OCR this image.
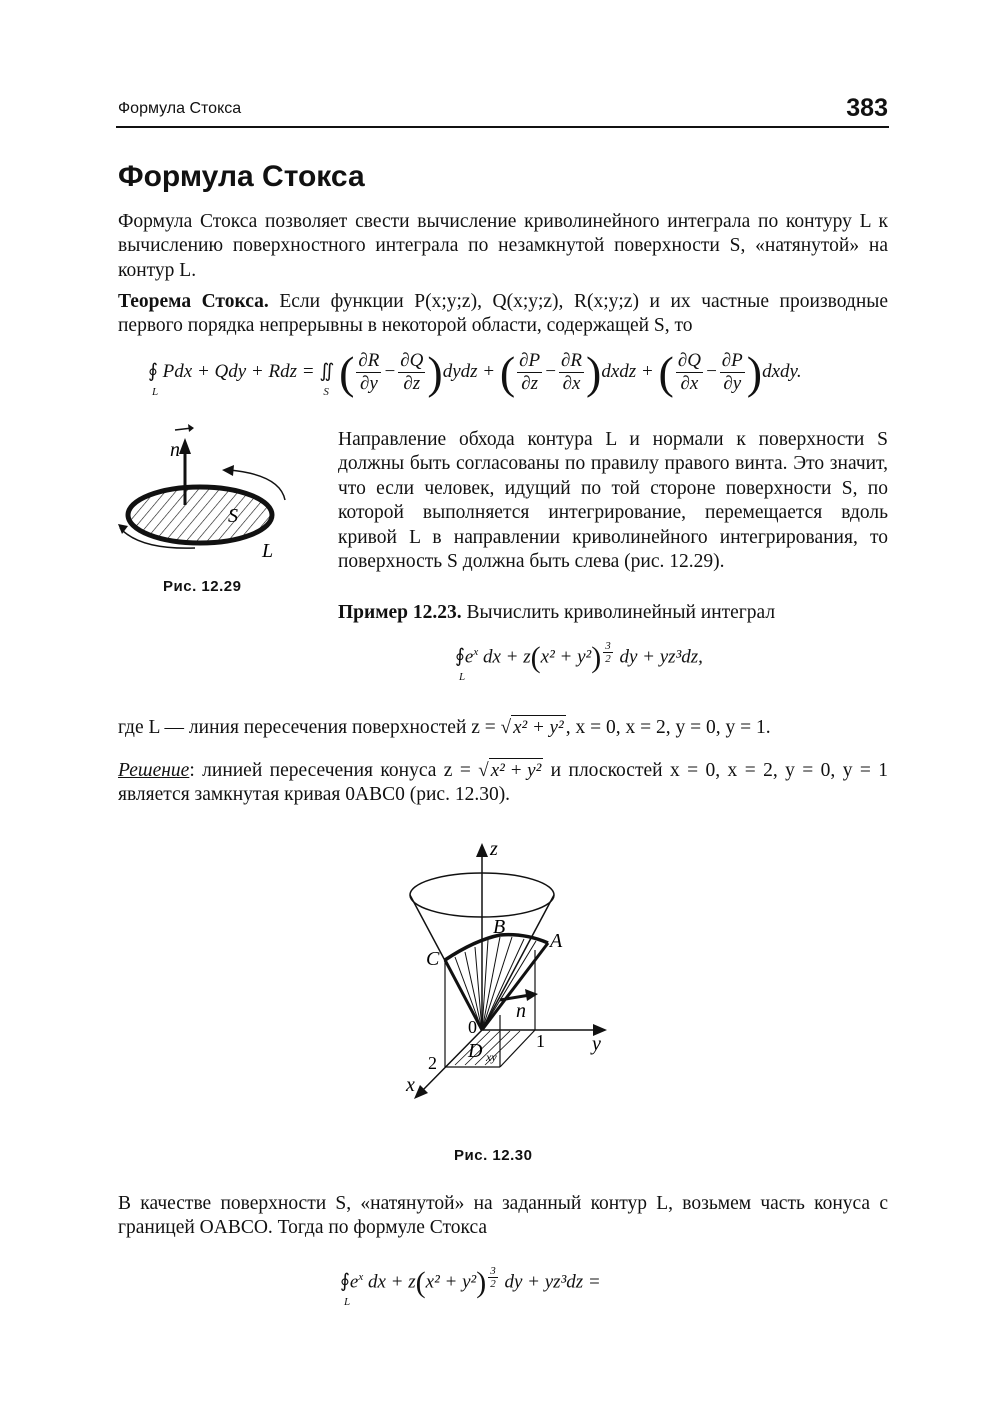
Формула Стокса	383
Формула Стокса
Формула Стокса позволяет свести вычисление криволинейного интеграла по контуру L к вычислению поверхностного интеграла по незамкнутой поверхности S, «натянутой» на контур L.
Теорема Стокса. Если функции P(x;y;z), Q(x;y;z), R(x;y;z) и их частные производные первого порядка непрерывны в некоторой области, содержащей S, то
∮
L
Pdx + Qdy + Rdz = ∬
S ( $\frac{\partial R}{\partial y} - \frac{\partial Q}{\partial z}$ )dydz + ( $\frac{\partial P}{\partial z} - \frac{\partial R}{\partial x}$ )dxdz + ( $\frac{\partial Q}{\partial x} - \frac{\partial P}{\partial y}$ )dxdy.
n
S
L
Рис. 12.29
Направление обхода контура L и нормали к поверхности S должны быть согласованы по правилу правого винта. Это значит, что если человек, идущий по той стороне поверхности S, по которой выполняется интегрирование, перемещается вдоль кривой L в направлении криволинейного интегрирования, то поверхность S должна быть слева (рис. 12.29).
Пример 12.23. Вычислить криволинейный интеграл
∮
L
$e^x$ dx + z(x² + y²) $^{\frac{3}{2}}$ dy + yz³dz,
где L — линия пересечения поверхностей z = √ x² + y² , x = 0, x = 2, y = 0, y = 1.
Решение: линией пересечения конуса z = √ x² + y² и плоскостей x = 0, x = 2, y = 0, y = 1 является замкнутая кривая 0ABC0 (рис. 12.30).
z
y
x
A
B
C
0
n
D xy
1
2
Рис. 12.30
В качестве поверхности S, «натянутой» на заданный контур L, возьмем часть конуса с границей OABCO. Тогда по формуле Стокса
∮
L
$e^x$ dx + z(x² + y²) $^{\frac{3}{2}}$ dy + yz³dz =
